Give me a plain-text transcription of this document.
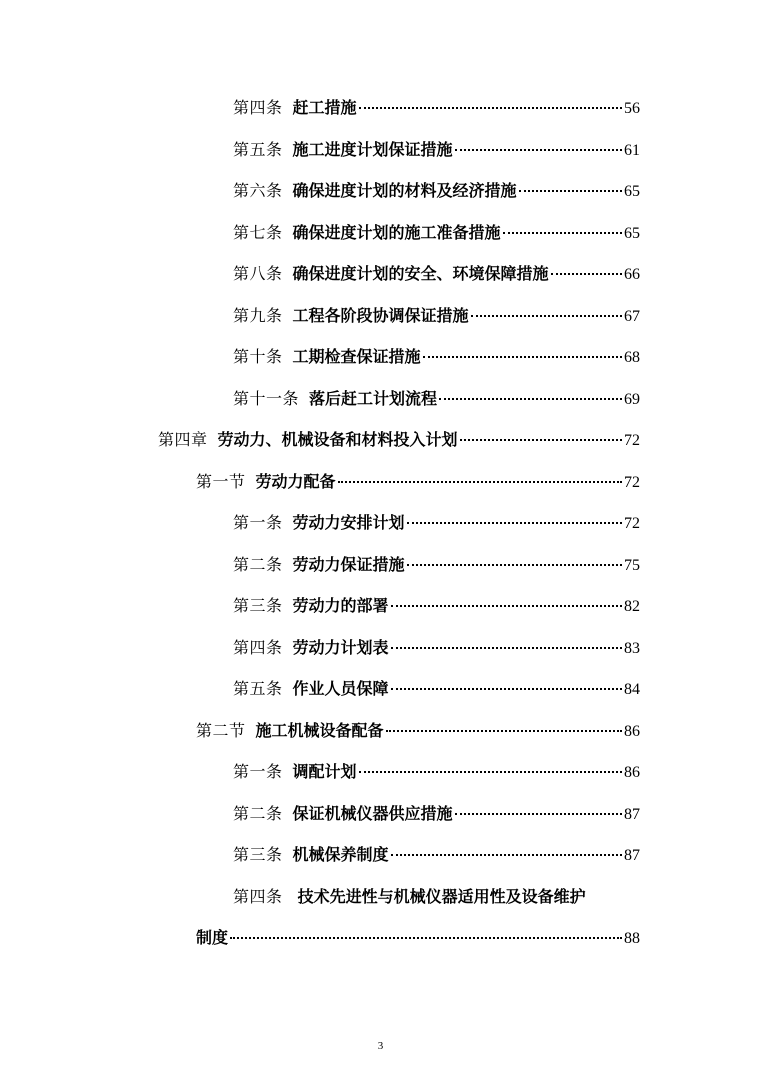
第四条 赶工措施	56
第五条 施工进度计划保证措施	61
第六条 确保进度计划的材料及经济措施	65
第七条 确保进度计划的施工准备措施	65
第八条 确保进度计划的安全、环境保障措施	66
第九条 工程各阶段协调保证措施	67
第十条 工期检查保证措施	68
第十一条 落后赶工计划流程	69
第四章 劳动力、机械设备和材料投入计划	72
第一节 劳动力配备	72
第一条 劳动力安排计划	72
第二条 劳动力保证措施	75
第三条 劳动力的部署	82
第四条 劳动力计划表	83
第五条 作业人员保障	84
第二节 施工机械设备配备	86
第一条 调配计划	86
第二条 保证机械仪器供应措施	87
第三条 机械保养制度	87
第四条 技术先进性与机械仪器适用性及设备维护
制度	88
3
